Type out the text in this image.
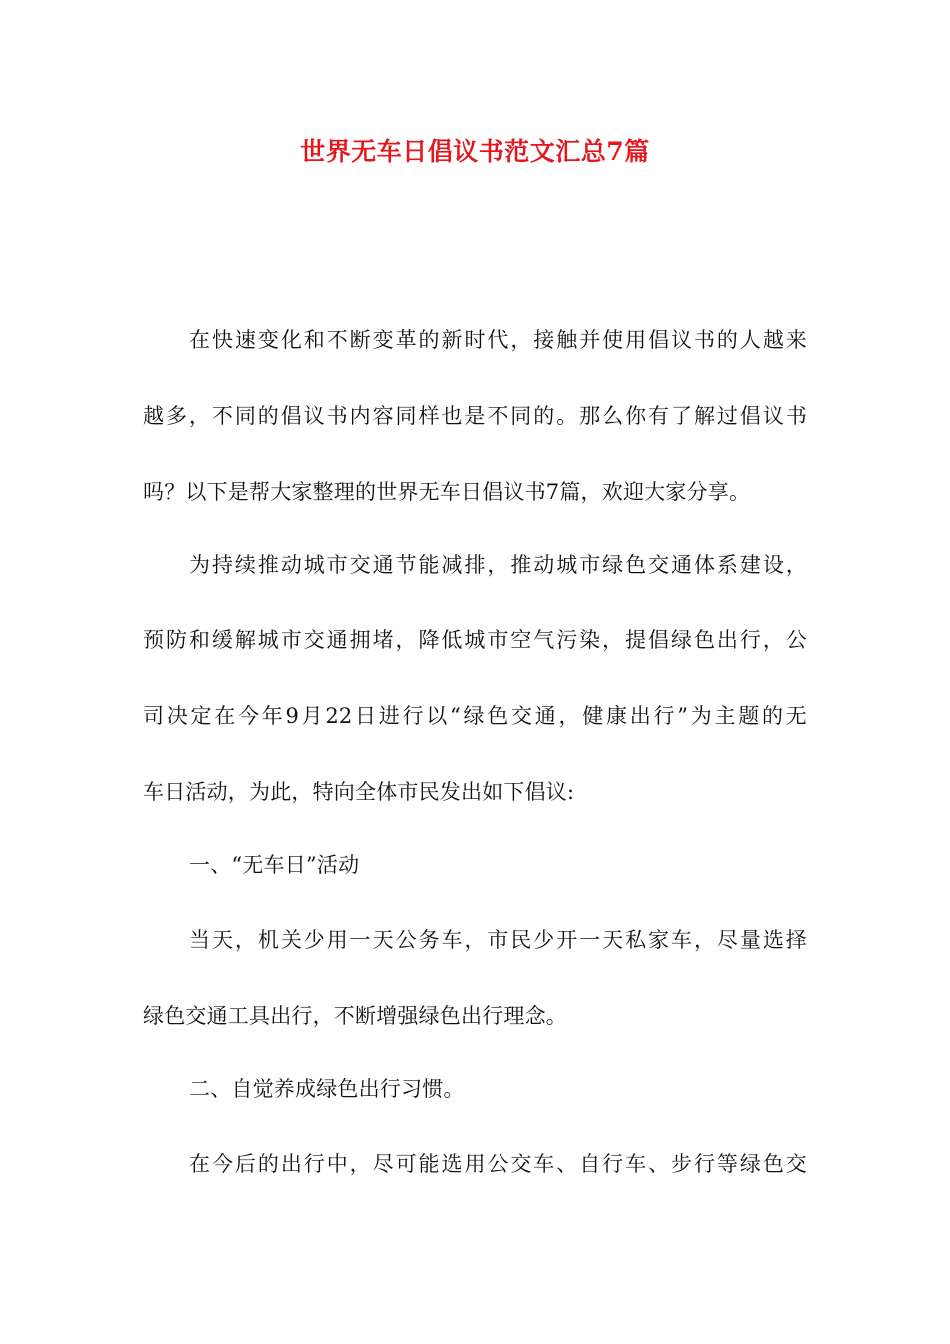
世界无车日倡议书范文汇总7篇
在快速变化和不断变革的新时代，接触并使用倡议书的人越来
越多，不同的倡议书内容同样也是不同的。那么你有了解过倡议书
吗？以下是帮大家整理的世界无车日倡议书7篇，欢迎大家分享。
为持续推动城市交通节能减排，推动城市绿色交通体系建设，
预防和缓解城市交通拥堵，降低城市空气污染，提倡绿色出行，公
司决定在今年9月22日进行以“绿色交通，健康出行”为主题的无
车日活动，为此，特向全体市民发出如下倡议:
一、“无车日”活动
当天，机关少用一天公务车，市民少开一天私家车，尽量选择
绿色交通工具出行，不断增强绿色出行理念。
二、自觉养成绿色出行习惯。
在今后的出行中，尽可能选用公交车、自行车、步行等绿色交
